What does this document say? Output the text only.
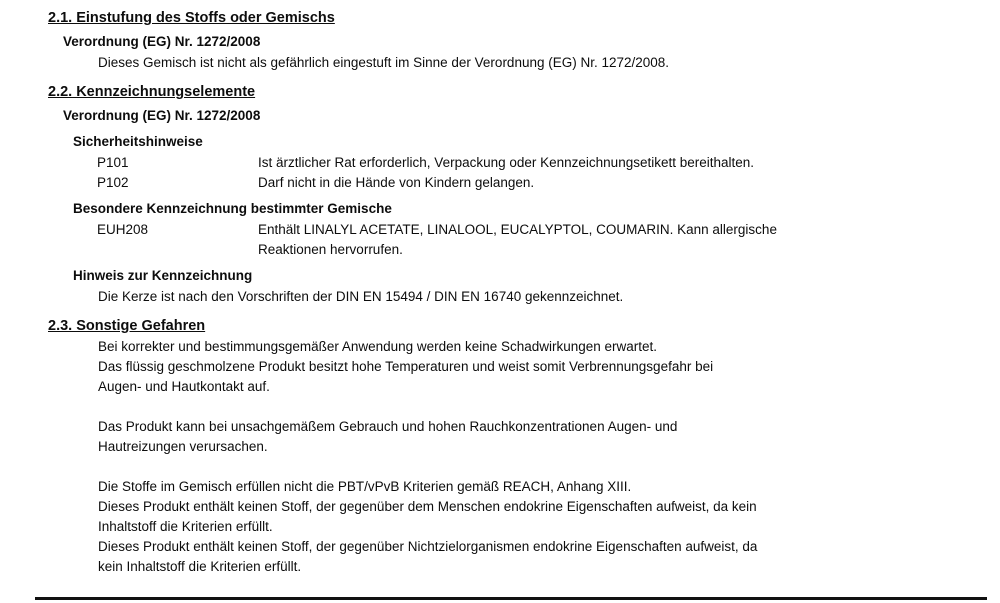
2.1. Einstufung des Stoffs oder Gemischs
Verordnung (EG) Nr. 1272/2008
Dieses Gemisch ist nicht als gefährlich eingestuft im Sinne der Verordnung (EG) Nr. 1272/2008.
2.2. Kennzeichnungselemente
Verordnung (EG) Nr. 1272/2008
Sicherheitshinweise
P101	Ist ärztlicher Rat erforderlich, Verpackung oder Kennzeichnungsetikett bereithalten.
P102	Darf nicht in die Hände von Kindern gelangen.
Besondere Kennzeichnung bestimmter Gemische
EUH208	Enthält LINALYL ACETATE, LINALOOL, EUCALYPTOL, COUMARIN. Kann allergische
Reaktionen hervorrufen.
Hinweis zur Kennzeichnung
Die Kerze ist nach den Vorschriften der DIN EN 15494 / DIN EN 16740 gekennzeichnet.
2.3. Sonstige Gefahren
Bei korrekter und bestimmungsgemäßer Anwendung werden keine Schadwirkungen erwartet.
Das flüssig geschmolzene Produkt besitzt hohe Temperaturen und weist somit Verbrennungsgefahr bei
Augen- und Hautkontakt auf.
Das Produkt kann bei unsachgemäßem Gebrauch und hohen Rauchkonzentrationen Augen- und
Hautreizungen verursachen.
Die Stoffe im Gemisch erfüllen nicht die PBT/vPvB Kriterien gemäß REACH, Anhang XIII.
Dieses Produkt enthält keinen Stoff, der gegenüber dem Menschen endokrine Eigenschaften aufweist, da kein
Inhaltstoff die Kriterien erfüllt.
Dieses Produkt enthält keinen Stoff, der gegenüber Nichtzielorganismen endokrine Eigenschaften aufweist, da
kein Inhaltstoff die Kriterien erfüllt.
